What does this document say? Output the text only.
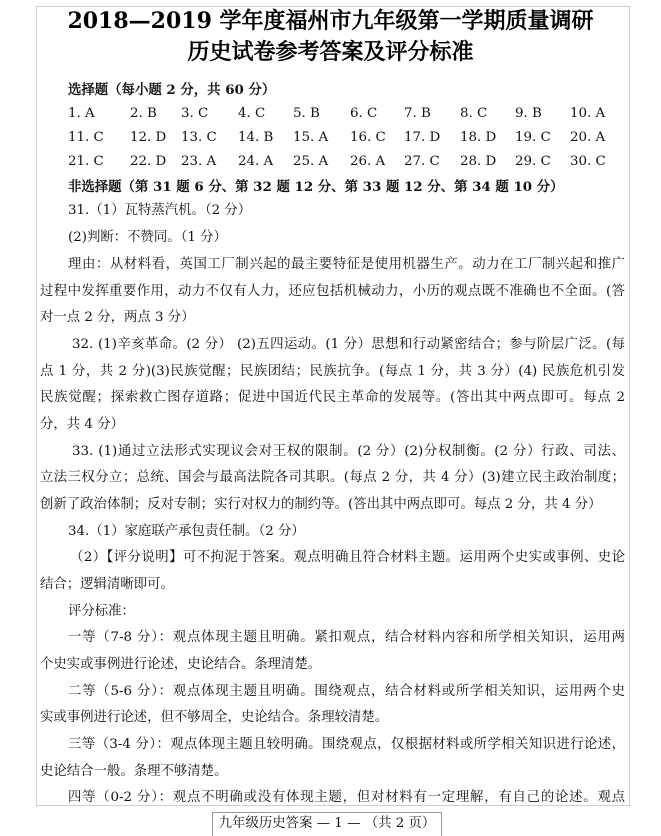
2018—2019 学年度福州市九年级第一学期质量调研
历史试卷参考答案及评分标准
选择题（每小题 2 分，共 60 分）
1. A	2. B 3. C 4. C 5. B 6. C 7. B 8. C 9. B 10. A
11. C 12. D 13. C 14. B 15. A 16. C 17. D 18. D 19. C 20. A
21. C 22. D 23. A 24. A 25. A 26. A 27. C 28. D 29. C 30. C
非选择题（第 31 题 6 分、第 32 题 12 分、第 33 题 12 分、第 34 题 10 分）
31.（1）瓦特蒸汽机。（2 分）
(2)判断：不赞同。（1 分）
理由：从材料看，英国工厂制兴起的最主要特征是使用机器生产。动力在工厂制兴起和推广
过程中发挥重要作用，动力不仅有人力，还应包括机械动力，小历的观点既不准确也不全面。(答
对一点 2 分，两点 3 分）
32. (1)辛亥革命。(2 分） (2)五四运动。(1 分）思想和行动紧密结合；参与阶层广泛。(每
点 1 分，共 2 分)(3)民族觉醒；民族团结；民族抗争。(每点 1 分，共 3 分）(4) 民族危机引发
民族觉醒；探索救亡图存道路；促进中国近代民主革命的发展等。(答出其中两点即可。每点 2
分，共 4 分）
33. (1)通过立法形式实现议会对王权的限制。(2 分）(2)分权制衡。(2 分）行政、司法、
立法三权分立；总统、国会与最高法院各司其职。(每点 2 分，共 4 分）(3)建立民主政治制度；
创新了政治体制；反对专制；实行对权力的制约等。(答出其中两点即可。每点 2 分，共 4 分）
34.（1）家庭联产承包责任制。（2 分）
（2）【评分说明】可不拘泥于答案。观点明确且符合材料主题。运用两个史实或事例、史论
结合；逻辑清晰即可。
评分标准：
一等（7-8 分）：观点体现主题且明确。紧扣观点，结合材料内容和所学相关知识，运用两
个史实或事例进行论述，史论结合。条理清楚。
二等（5-6 分）：观点体现主题且明确。围绕观点，结合材料或所学相关知识，运用两个史
实或事例进行论述，但不够周全，史论结合。条理较清楚。
三等（3-4 分）：观点体现主题且较明确。围绕观点，仅根据材料或所学相关知识进行论述，
史论结合一般。条理不够清楚。
四等（0-2 分）：观点不明确或没有体现主题，但对材料有一定理解，有自己的论述。观点
九年级历史答案 — 1 — （共 2 页）
